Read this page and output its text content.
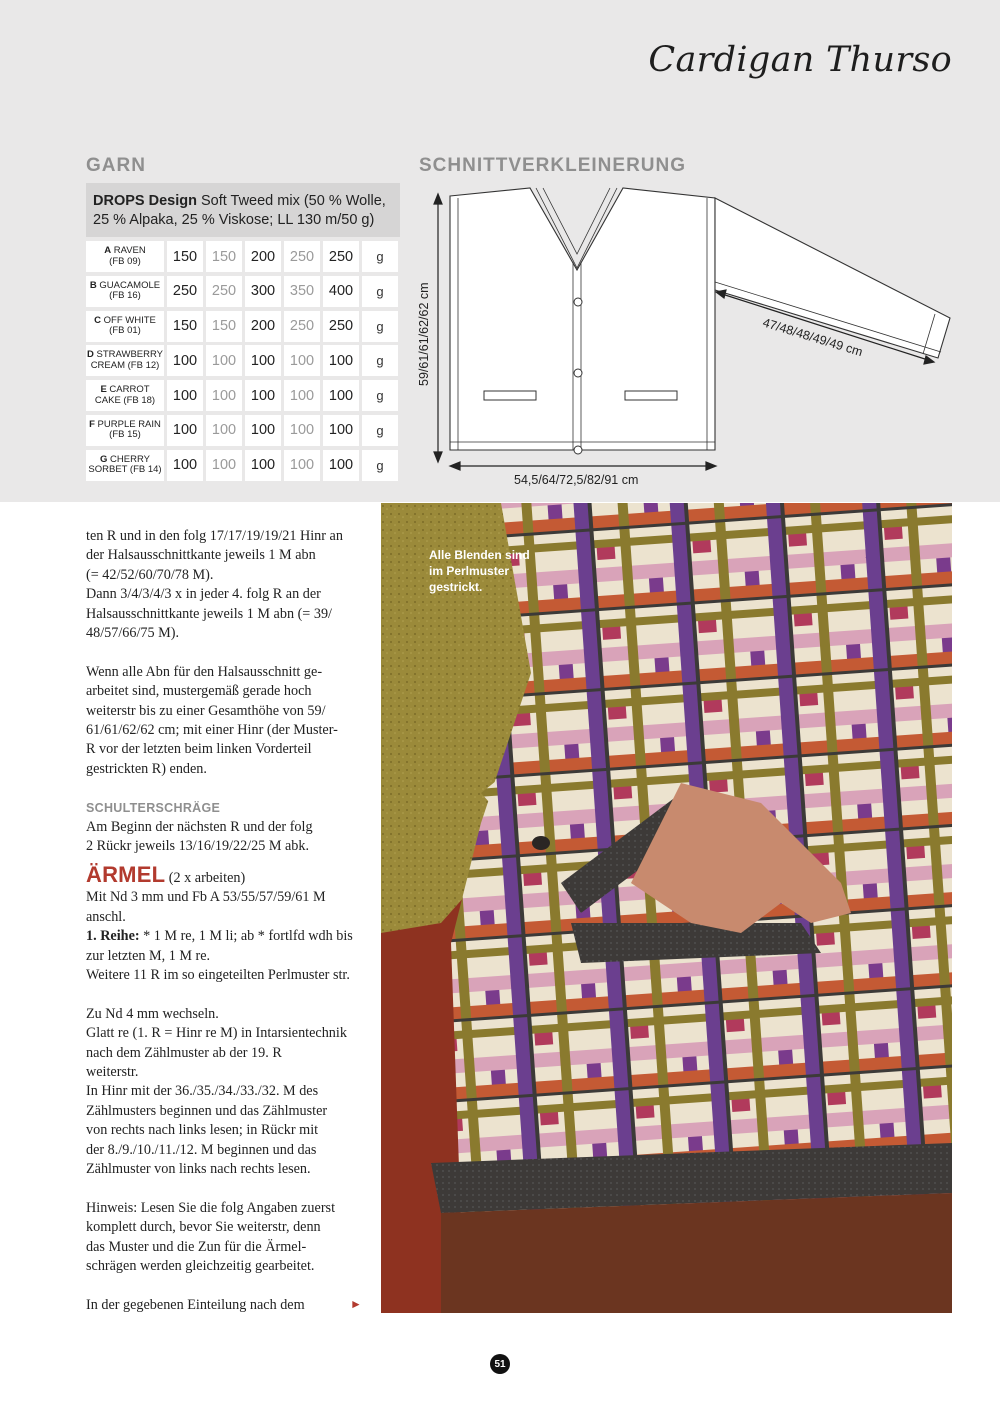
Cardigan Thurso
GARN
DROPS Design Soft Tweed mix (50 % Wolle,
25 % Alpaka, 25 % Viskose; LL 130 m/50 g)
A RAVEN
(FB 09)	150	150	200	250	250	g
B GUACAMOLE
(FB 16)	250	250	300	350	400	g
C OFF WHITE
(FB 01)	150	150	200	250	250	g
D STRAWBERRY
CREAM (FB 12) 100	100	100	100	100	g
E CARROT
CAKE (FB 18)	100	100	100	100	100	g
F PURPLE RAIN
(FB 15)	100	100	100	100	100	g
G CHERRY
SORBET (FB 14) 100	100	100	100	100	g
SCHNITTVERKLEINERUNG
59/61/61/62/62 cm
54,5/64/72,5/82/91 cm
47/48/48/49/49 cm

ten R und in den folg 17/17/19/19/21 Hinr an
der Halsausschnittkante jeweils 1 M abn
(= 42/52/60/70/78 M).
Dann 3/4/3/4/3 x in jeder 4. folg R an der
Halsausschnittkante jeweils 1 M abn (= 39/
48/57/66/75 M).

Wenn alle Abn für den Halsausschnitt ge-
arbeitet sind, mustergemäß gerade hoch
weiterstr bis zu einer Gesamthöhe von 59/
61/61/62/62 cm; mit einer Hinr (der Muster-
R vor der letzten beim linken Vorderteil
gestrickten R) enden.

SCHULTERSCHRÄGE

Am Beginn der nächsten R und der folg
2 Rückr jeweils 13/16/19/22/25 M abk.

ÄRMEL (2 x arbeiten)
Mit Nd 3 mm und Fb A 53/55/57/59/61 M
anschl.
1. Reihe: * 1 M re, 1 M li; ab * fortlfd wdh bis

zur letzten M, 1 M re.
Weitere 11 R im so eingeteilten Perlmuster str.

Zu Nd 4 mm wechseln.
Glatt re (1. R = Hinr re M) in Intarsientechnik
nach dem Zählmuster ab der 19. R
weiterstr.
In Hinr mit der 36./35./34./33./32. M des
Zählmusters beginnen und das Zählmuster
von rechts nach links lesen; in Rückr mit
der 8./9./10./11./12. M beginnen und das
Zählmuster von links nach rechts lesen.

Hinweis: Lesen Sie die folg Angaben zuerst
komplett durch, bevor Sie weiterstr, denn
das Muster und die Zun für die Ärmel-
schrägen werden gleichzeitig gearbeitet.

In der gegebenen Einteilung nach dem	►
Alle Blenden sind
im Perlmuster
gestrickt.
51
